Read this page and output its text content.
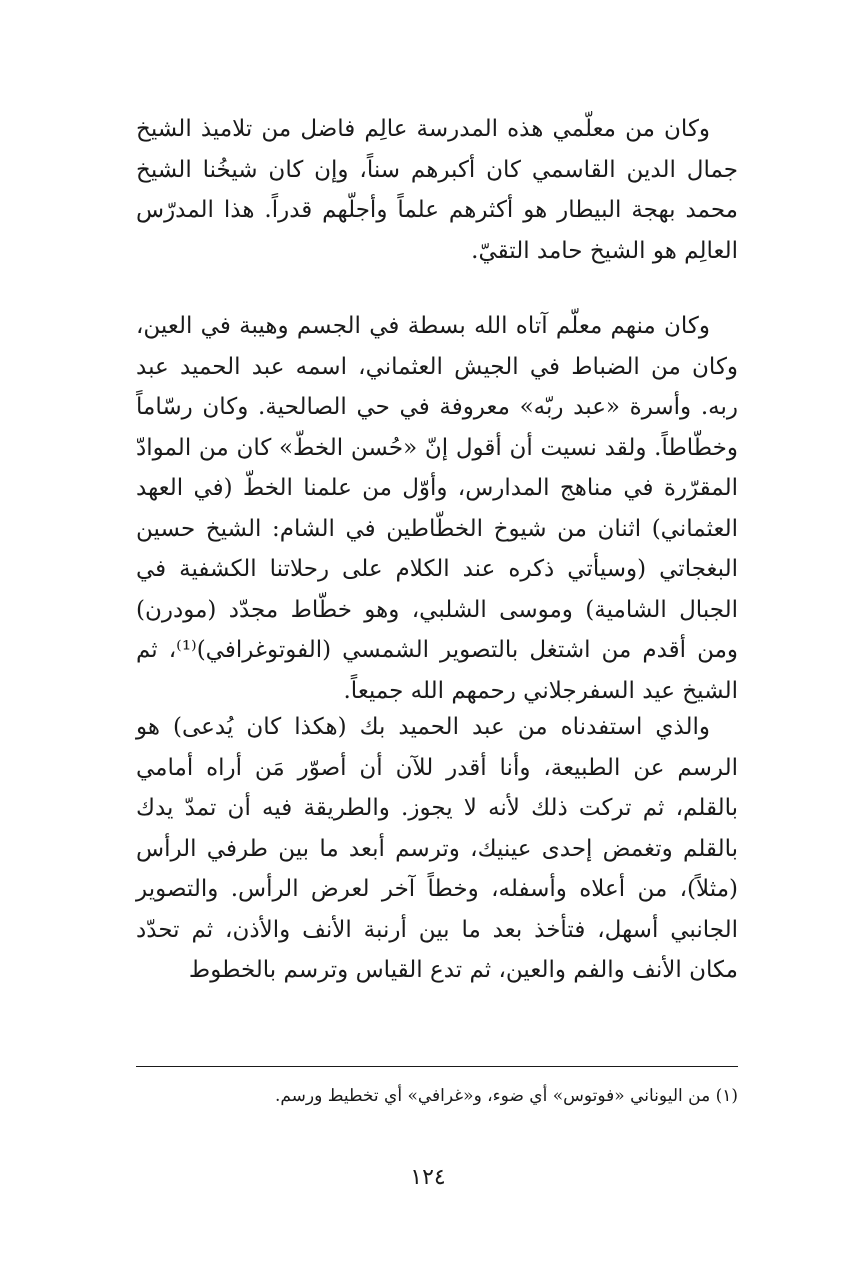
وكان من معلّمي هذه المدرسة عالِم فاضل من تلاميذ الشيخ جمال الدين القاسمي كان أكبرهم سناً، وإن كان شيخُنا الشيخ محمد بهجة البيطار هو أكثرهم علماً وأجلّهم قدراً. هذا المدرّس العالِم هو الشيخ حامد التقيّ.

وكان منهم معلّم آتاه الله بسطة في الجسم وهيبة في العين، وكان من الضباط في الجيش العثماني، اسمه عبد الحميد عبد ربه. وأسرة «عبد ربّه» معروفة في حي الصالحية. وكان رسّاماً وخطّاطاً. ولقد نسيت أن أقول إنّ «حُسن الخطّ» كان من الموادّ المقرّرة في مناهج المدارس، وأوّل من علمنا الخطّ (في العهد العثماني) اثنان من شيوخ الخطّاطين في الشام: الشيخ حسين البغجاتي (وسيأتي ذكره عند الكلام على رحلاتنا الكشفية في الجبال الشامية) وموسى الشلبي، وهو خطّاط مجدّد (مودرن) ومن أقدم من اشتغل بالتصوير الشمسي (الفوتوغرافي)⁽¹⁾، ثم الشيخ عيد السفرجلاني رحمهم الله جميعاً.

والذي استفدناه من عبد الحميد بك (هكذا كان يُدعى) هو الرسم عن الطبيعة، وأنا أقدر للآن أن أصوّر مَن أراه أمامي بالقلم، ثم تركت ذلك لأنه لا يجوز. والطريقة فيه أن تمدّ يدك بالقلم وتغمض إحدى عينيك، وترسم أبعد ما بين طرفي الرأس (مثلاً)، من أعلاه وأسفله، وخطاً آخر لعرض الرأس. والتصوير الجانبي أسهل، فتأخذ بعد ما بين أرنبة الأنف والأذن، ثم تحدّد مكان الأنف والفم والعين، ثم تدع القياس وترسم بالخطوط

(١) من اليوناني «فوتوس» أي ضوء، و«غرافي» أي تخطيط ورسم.

١٢٤
